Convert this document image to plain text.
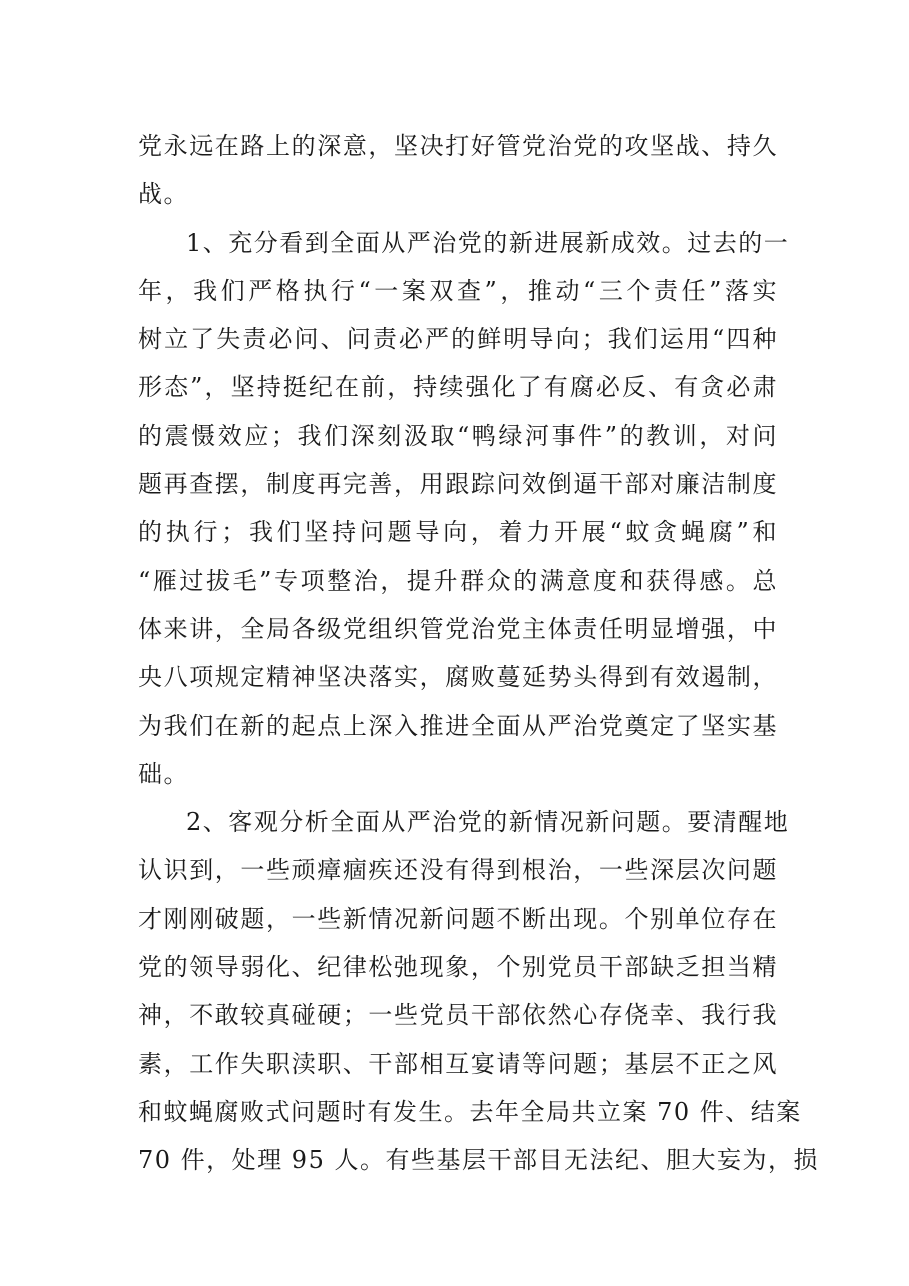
党永远在路上的深意，坚决打好管党治党的攻坚战、持久
战。
1、充分看到全面从严治党的新进展新成效。过去的一
年，我们严格执行“一案双查”，推动“三个责任”落实
树立了失责必问、问责必严的鲜明导向；我们运用“四种
形态”，坚持挺纪在前，持续强化了有腐必反、有贪必肃
的震慑效应；我们深刻汲取“鸭绿河事件”的教训，对问
题再查摆，制度再完善，用跟踪问效倒逼干部对廉洁制度
的执行；我们坚持问题导向，着力开展“蚊贪蝇腐”和
“雁过拔毛”专项整治，提升群众的满意度和获得感。总
体来讲，全局各级党组织管党治党主体责任明显增强，中
央八项规定精神坚决落实，腐败蔓延势头得到有效遏制，
为我们在新的起点上深入推进全面从严治党奠定了坚实基
础。
2、客观分析全面从严治党的新情况新问题。要清醒地
认识到，一些顽瘴痼疾还没有得到根治，一些深层次问题
才刚刚破题，一些新情况新问题不断出现。个别单位存在
党的领导弱化、纪律松弛现象，个别党员干部缺乏担当精
神，不敢较真碰硬；一些党员干部依然心存侥幸、我行我
素，工作失职渎职、干部相互宴请等问题；基层不正之风
和蚊蝇腐败式问题时有发生。去年全局共立案 70 件、结案
70 件，处理 95 人。有些基层干部目无法纪、胆大妄为，损
